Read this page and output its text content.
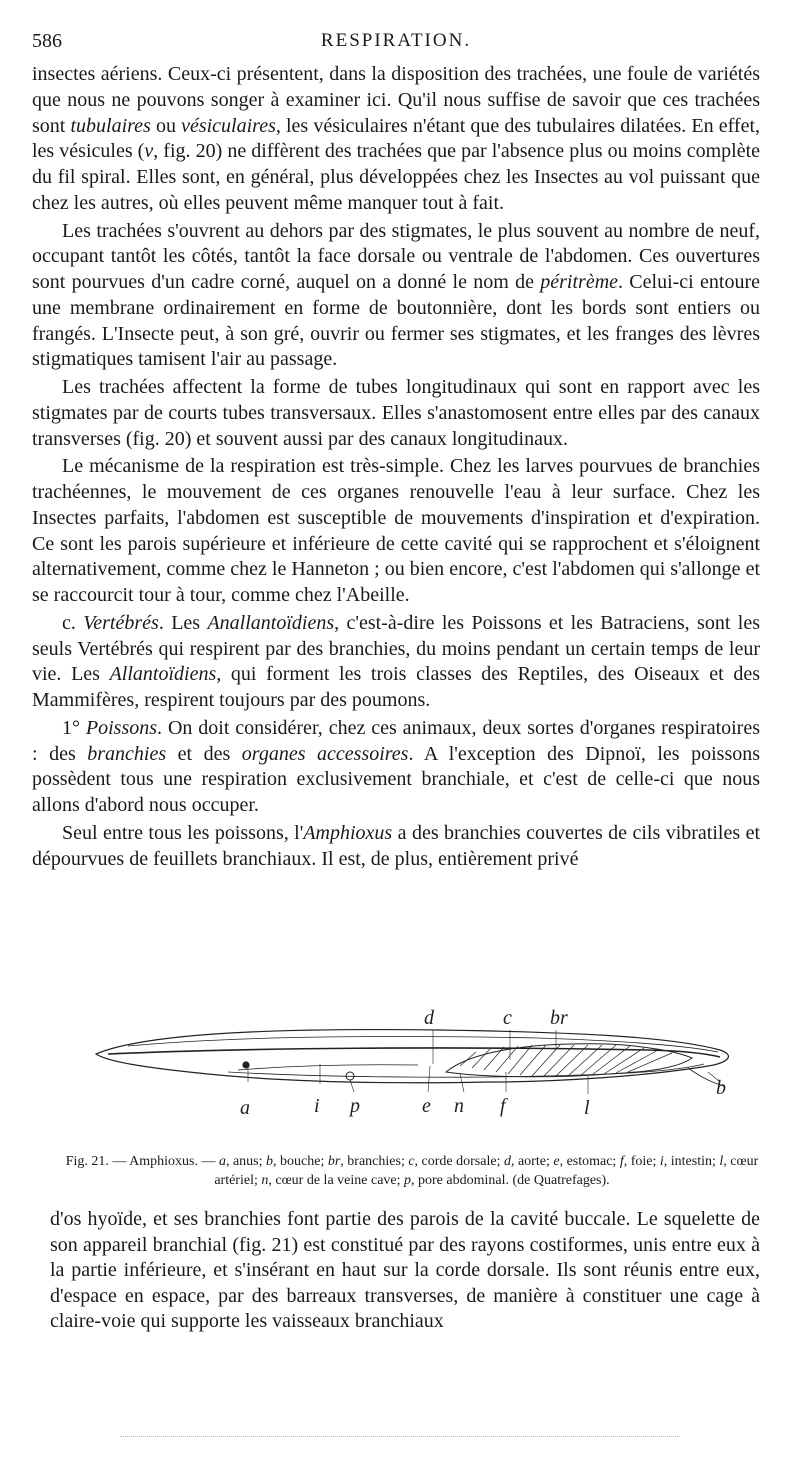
586	RESPIRATION.

insectes aériens. Ceux-ci présentent, dans la disposition des trachées, une foule de variétés que nous ne pouvons songer à examiner ici. Qu'il nous suffise de savoir que ces trachées sont tubulaires ou vésiculaires, les vésiculaires n'étant que des tubulaires dilatées. En effet, les vésicules (v, fig. 20) ne diffèrent des trachées que par l'absence plus ou moins complète du fil spiral. Elles sont, en général, plus développées chez les Insectes au vol puissant que chez les autres, où elles peuvent même manquer tout à fait.

Les trachées s'ouvrent au dehors par des stigmates, le plus souvent au nombre de neuf, occupant tantôt les côtés, tantôt la face dorsale ou ventrale de l'abdomen. Ces ouvertures sont pourvues d'un cadre corné, auquel on a donné le nom de péritrème. Celui-ci entoure une membrane ordinairement en forme de boutonnière, dont les bords sont entiers ou frangés. L'Insecte peut, à son gré, ouvrir ou fermer ses stigmates, et les franges des lèvres stigmatiques tamisent l'air au passage.

Les trachées affectent la forme de tubes longitudinaux qui sont en rapport avec les stigmates par de courts tubes transversaux. Elles s'anastomosent entre elles par des canaux transverses (fig. 20) et souvent aussi par des canaux longitudinaux.

Le mécanisme de la respiration est très-simple. Chez les larves pourvues de branchies trachéennes, le mouvement de ces organes renouvelle l'eau à leur surface. Chez les Insectes parfaits, l'abdomen est susceptible de mouvements d'inspiration et d'expiration. Ce sont les parois supérieure et inférieure de cette cavité qui se rapprochent et s'éloignent alternativement, comme chez le Hanneton ; ou bien encore, c'est l'abdomen qui s'allonge et se raccourcit tour à tour, comme chez l'Abeille.

c. Vertébrés. Les Anallantoïdiens, c'est-à-dire les Poissons et les Batraciens, sont les seuls Vertébrés qui respirent par des branchies, du moins pendant un certain temps de leur vie. Les Allantoïdiens, qui forment les trois classes des Reptiles, des Oiseaux et des Mammifères, respirent toujours par des poumons.

1° Poissons. On doit considérer, chez ces animaux, deux sortes d'organes respiratoires : des branchies et des organes accessoires. A l'exception des Dipnoï, les poissons possèdent tous une respiration exclusivement branchiale, et c'est de celle-ci que nous allons d'abord nous occuper.

Seul entre tous les poissons, l'Amphioxus a des branchies couvertes de cils vibratiles et dépourvues de feuillets branchiaux. Il est, de plus, entièrement privé

d	c br
a	i p	e n f	l
b
Fig. 21. — Amphioxus. — a, anus; b, bouche; br, branchies; c, corde dorsale; d, aorte; e, estomac; f, foie; i, intestin; l, cœur artériel; n, cœur de la veine cave; p, pore abdominal. (de Quatrefages).

d'os hyoïde, et ses branchies font partie des parois de la cavité buccale. Le squelette de son appareil branchial (fig. 21) est constitué par des rayons costiformes, unis entre eux à la partie inférieure, et s'insérant en haut sur la corde dorsale. Ils sont réunis entre eux, d'espace en espace, par des barreaux transverses, de manière à constituer une cage à claire-voie qui supporte les vaisseaux branchiaux
